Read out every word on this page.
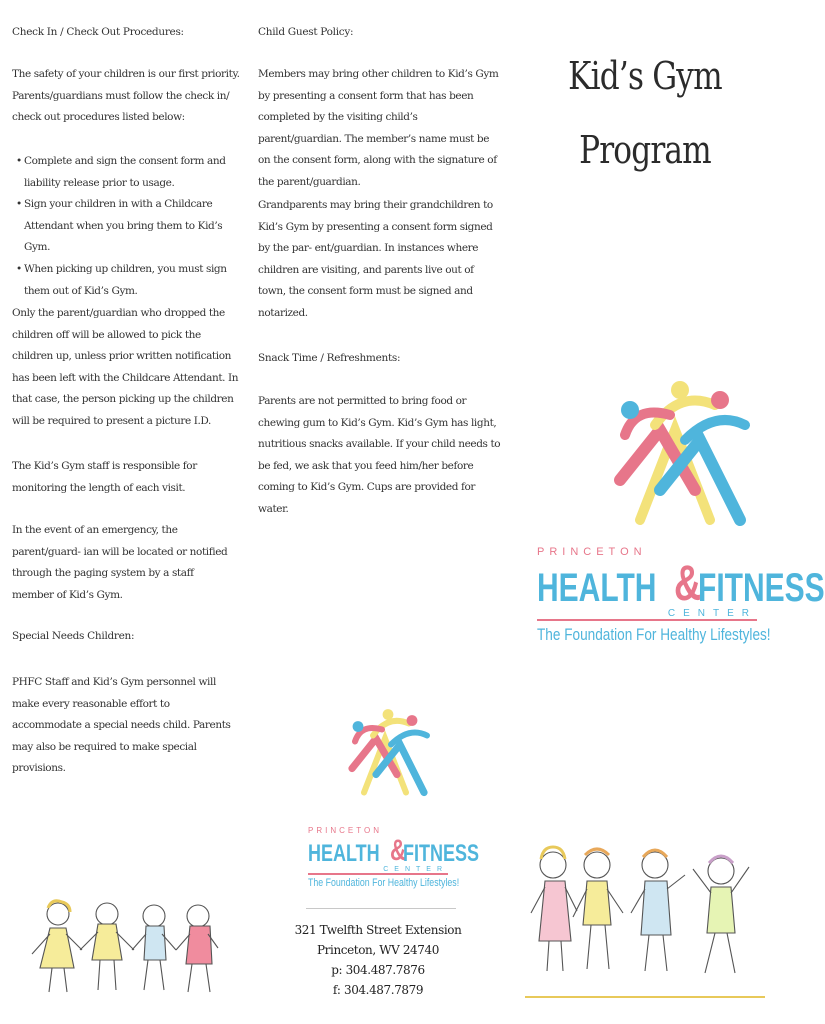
Check In / Check Out Procedures:
The safety of your children is our first priority. Parents/guardians must follow the check in/ check out procedures listed below:
• Complete and sign the consent form and liability release prior to usage.
• Sign your children in with a Childcare Attendant when you bring them to Kid’s Gym.
• When picking up children, you must sign them out of Kid’s Gym.
Only the parent/guardian who dropped the children off will be allowed to pick the children up, unless prior written notification has been left with the Childcare Attendant. In that case, the person picking up the children will be required to present a picture I.D.
The Kid’s Gym staff is responsible for monitoring the length of each visit.
In the event of an emergency, the parent/guard- ian will be located or notified through the paging system by a staff member of Kid’s Gym.
Special Needs Children:
PHFC Staff and Kid’s Gym personnel will make every reasonable effort to accommodate a special needs child. Parents may also be required to make special provisions.
Child Guest Policy:
Members may bring other children to Kid’s Gym by presenting a consent form that has been completed by the visiting child’s parent/guardian. The member’s name must be on the consent form, along with the signature of the parent/guardian.
Grandparents may bring their grandchildren to Kid’s Gym by presenting a consent form signed by the par- ent/guardian. In instances where children are visiting, and parents live out of town, the consent form must be signed and notarized.
Snack Time / Refreshments:
Parents are not permitted to bring food or chewing gum to Kid’s Gym. Kid’s Gym has light, nutritious snacks available. If your child needs to be fed, we ask that you feed him/her before coming to Kid’s Gym. Cups are provided for water.
PRINCETON
HEALTH &
FITNESS
CENTER
The Foundation For Healthy Lifestyles!
321 Twelfth Street Extension
Princeton, WV 24740
p: 304.487.7876
f: 304.487.7879
Kid’s Gym
Program
PRINCETON
HEALTH &
FITNESS
CENTER
The Foundation For Healthy Lifestyles!
